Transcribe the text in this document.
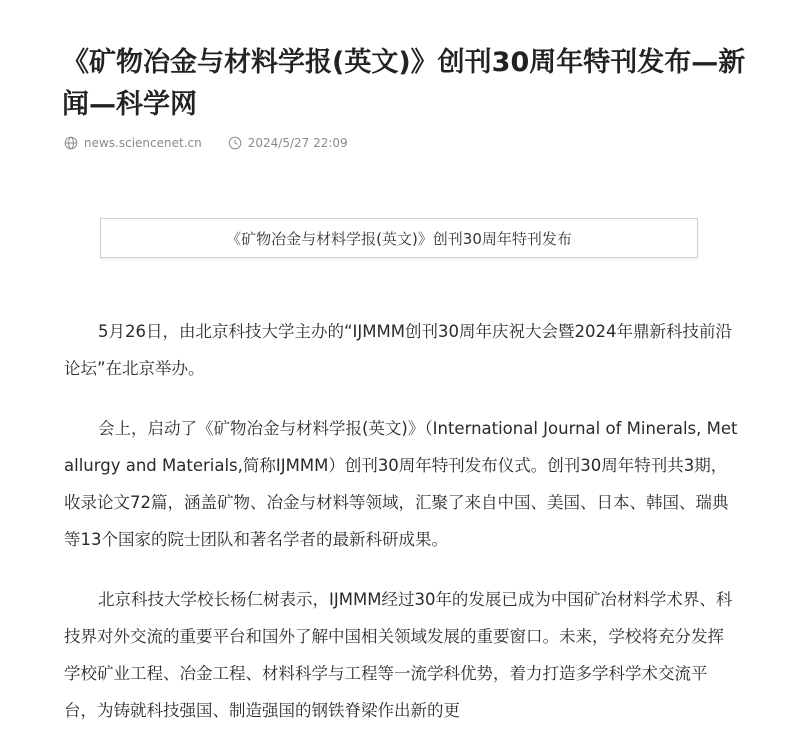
《矿物冶金与材料学报(英文)》创刊30周年特刊发布—新闻—科学网
news.sciencenet.cn	2024/5/27 22:09
《矿物冶金与材料学报(英文)》创刊30周年特刊发布

5月26日，由北京科技大学主办的“IJMMM创刊30周年庆祝大会暨2024年鼎新科技前沿论坛”在北京举办。

会上，启动了《矿物冶金与材料学报(英文)》（International Journal of Minerals, Metallurgy and Materials,简称IJMMM）创刊30周年特刊发布仪式。创刊30周年特刊共3期，收录论文72篇，涵盖矿物、冶金与材料等领域，汇聚了来自中国、美国、日本、韩国、瑞典等13个国家的院士团队和著名学者的最新科研成果。

北京科技大学校长杨仁树表示，IJMMM经过30年的发展已成为中国矿冶材料学术界、科技界对外交流的重要平台和国外了解中国相关领域发展的重要窗口。未来，学校将充分发挥学校矿业工程、冶金工程、材料科学与工程等一流学科优势，着力打造多学科学术交流平台，为铸就科技强国、制造强国的钢铁脊梁作出新的更
